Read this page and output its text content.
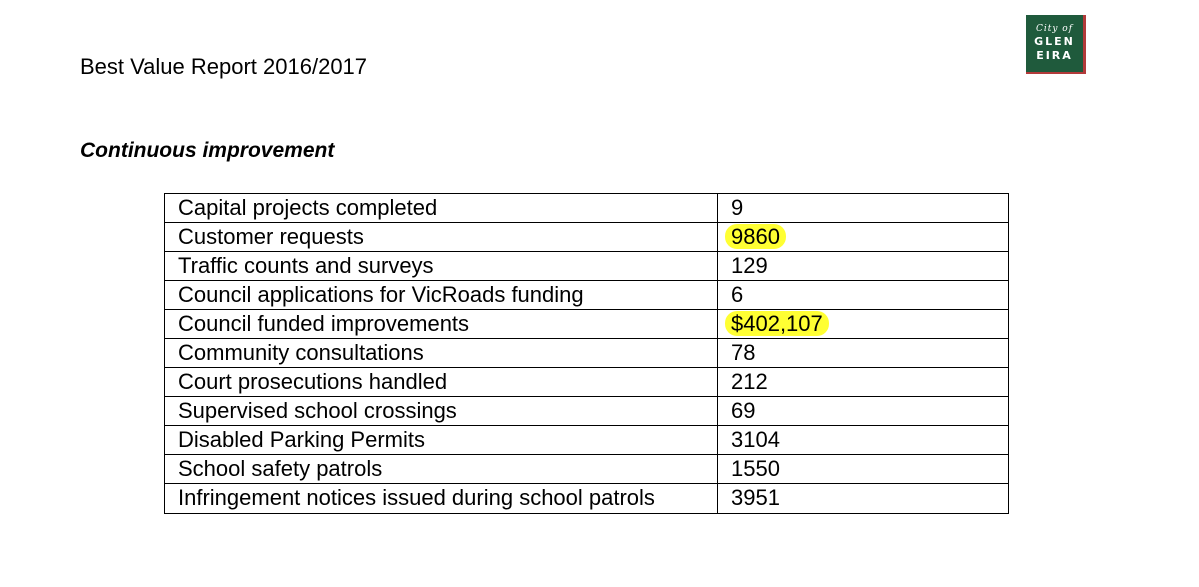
Best Value Report 2016/2017
City of
GLEN
EIRA
Continuous improvement
Capital projects completed	9
Customer requests	9860
Traffic counts and surveys	129
Council applications for VicRoads funding	6
Council funded improvements	$402,107
Community consultations	78
Court prosecutions handled	212
Supervised school crossings	69
Disabled Parking Permits	3104
School safety patrols	1550
Infringement notices issued during school patrols	3951
